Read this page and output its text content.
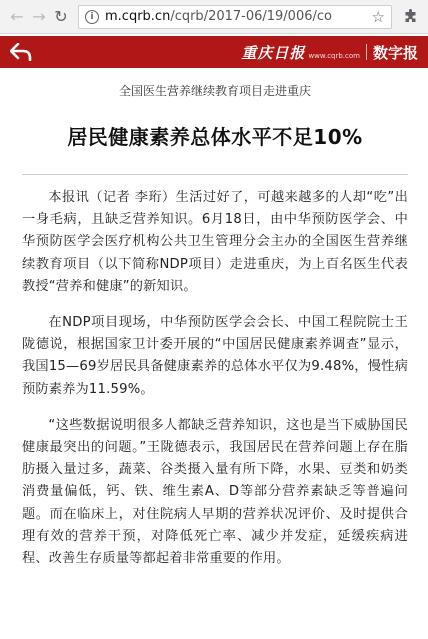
← → ↻	i m.cqrb.cn/cqrb/2017-06/19/006/co	☆
重庆日报 www.cqrb.com 数字报
全国医生营养继续教育项目走进重庆
居民健康素养总体水平不足10%

本报讯（记者 李珩）生活过好了，可越来越多的人却“吃”出一身毛病，且缺乏营养知识。6月18日，由中华预防医学会、中华预防医学会医疗机构公共卫生管理分会主办的全国医生营养继续教育项目（以下简称NDP项目）走进重庆，为上百名医生代表教授“营养和健康”的新知识。

在NDP项目现场，中华预防医学会会长、中国工程院院士王陇德说，根据国家卫计委开展的“中国居民健康素养调查”显示，我国15—69岁居民具备健康素养的总体水平仅为9.48%，慢性病预防素养为11.59%。

“这些数据说明很多人都缺乏营养知识，这也是当下威胁国民健康最突出的问题。”王陇德表示，我国居民在营养问题上存在脂肪摄入量过多，蔬菜、谷类摄入量有所下降，水果、豆类和奶类消费量偏低，钙、铁、维生素A、D等部分营养素缺乏等普遍问题。而在临床上，对住院病人早期的营养状况评价、及时提供合理有效的营养干预，对降低死亡率、减少并发症，延缓疾病进程、改善生存质量等都起着非常重要的作用。
